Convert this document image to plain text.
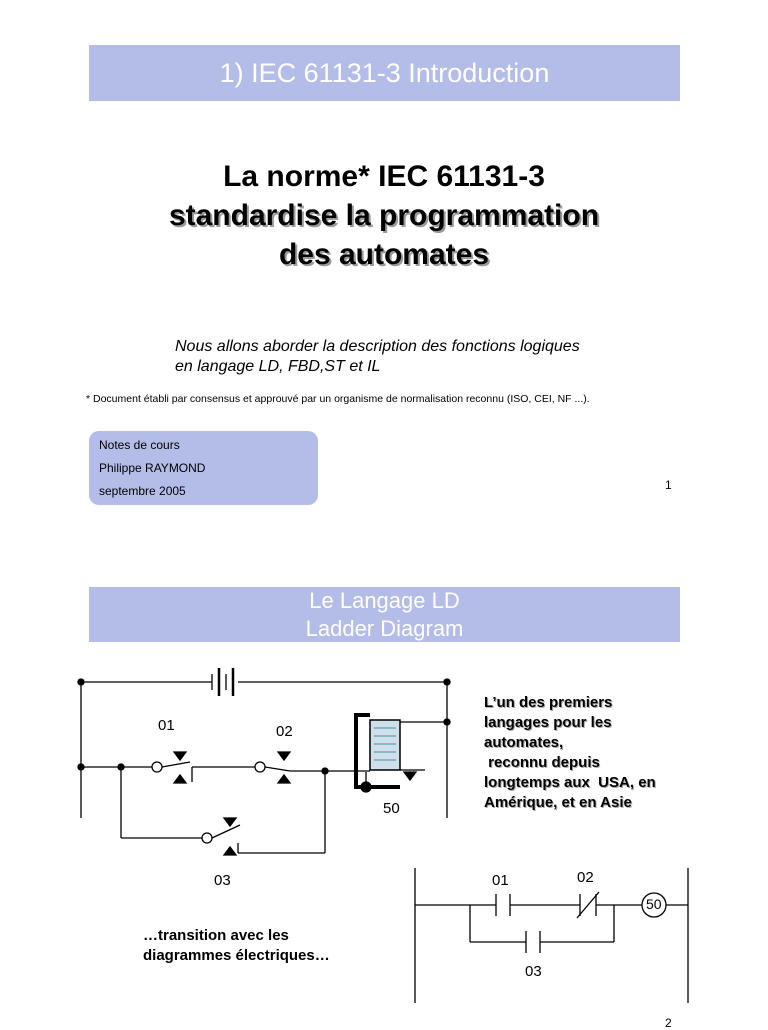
1) IEC 61131-3 Introduction
La norme* IEC 61131-3
standardise la programmation
des automates
Nous allons aborder la description des fonctions logiques
en langage LD, FBD,ST et IL
* Document établi par consensus et approuvé par un organisme de normalisation reconnu (ISO, CEI, NF ...).
Notes de cours
Philippe RAYMOND
septembre 2005	1
Le Langage LD
Ladder Diagram
01	02
03
50
01	02
03
50
L’un des premiers
langages pour les
automates,
reconnu depuis
longtemps aux  USA, en
Amérique, et en Asie
…transition avec les
diagrammes électriques…
2
